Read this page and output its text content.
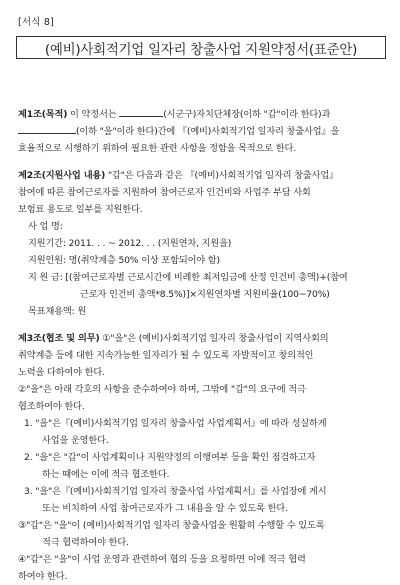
[서식 8]
(예비)사회적기업 일자리 창출사업 지원약정서(표준안)
제1조(목적) 이 약정서는	(시군구)자치단체장(이하 "갑"이라 한다)과
(이하 "을"이라 한다)간에 『(예비)사회적기업 일자리 창출사업』을
효율적으로 시행하기 위하여 필요한 관련 사항을 정함을 목적으로 한다.
제2조(지원사업 내용) "갑"은 다음과 같은 『(예비)사회적기업 일자리 창출사업』
참여에 따른 참여근로자를 지원하여 참여근로자 인건비와 사업주 부담 사회
보험료 용도로 일부를 지원한다.
사 업 명:
지원기간: 2011. . . ~ 2012. . . (지원연차, 지원을)
지원인원: 명(취약계층 50% 이상 포함되어야 함)
지 원 금: [(참여근로자별 근로시간에 비례한 최저임금에 산정 인건비 총액)+(참여
근로자 인건비 총액*8.5%)]×지원연차별 지원비율(100~70%)
목표채용액: 원
제3조(협조 및 의무) ①"을"은 (예비)사회적기업 일자리 창출사업이 지역사회의
취약계층 등에 대한 지속가능한 일자리가 될 수 있도록 자발적이고 창의적인
노력을 다하여야 한다.
②"을"은 아래 각호의 사항을 준수하여야 하며, 그밖에 "갑"의 요구에 적극
협조하여야 한다.
1. "을"은『(예비)사회적기업 일자리 창출사업 사업계획서』에 따라 성실하게
사업을 운영한다.
2. "을"은 "갑"이 사업계획이나 지원약정의 이행여부 등을 확인 점검하고자
하는 때에는 이에 적극 협조한다.
3. "을"은『(예비)사회적기업 일자리 창출사업 사업계획서』를 사업장에 게시
또는 비치하여 사업 참여근로자가 그 내용을 알 수 있도록 한다.
③"갑"은 "을"이 (예비)사회적기업 일자리 창출사업을 원활히 수행할 수 있도록
적극 협력하여야 한다.
④"갑"은 "을"이 사업 운영과 관련하여 협의 등을 요청하면 이에 적극 협력
하여야 한다.
